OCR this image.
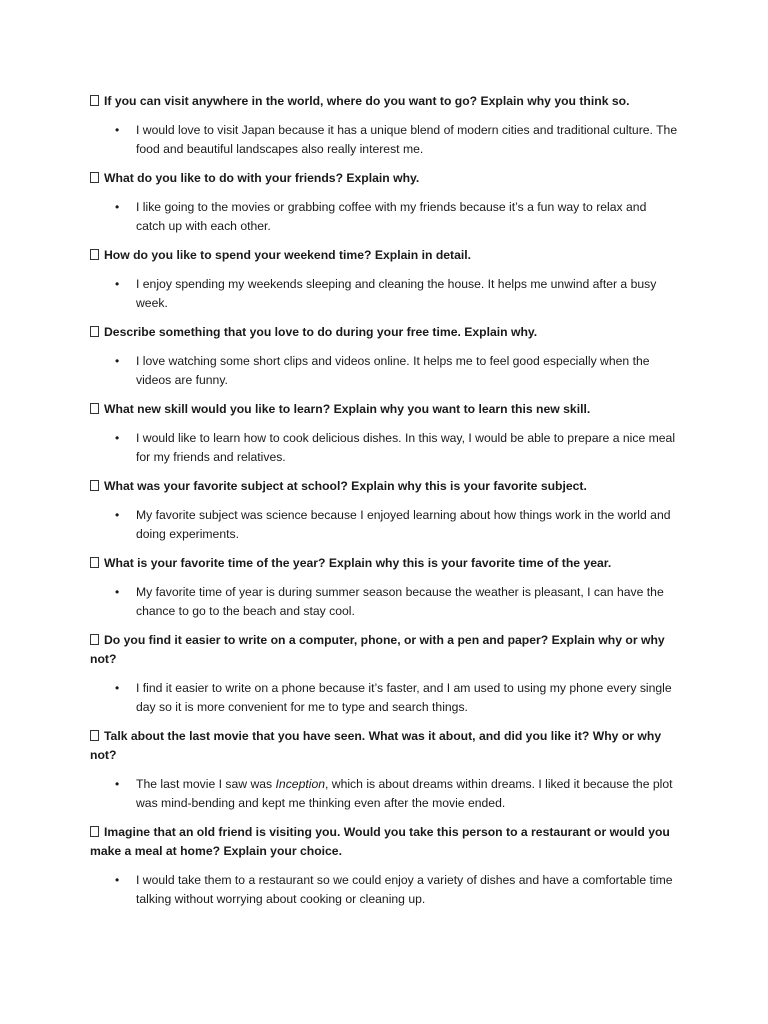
If you can visit anywhere in the world, where do you want to go? Explain why you think so.
• I would love to visit Japan because it has a unique blend of modern cities and traditional culture. The food and beautiful landscapes also really interest me.
What do you like to do with your friends? Explain why.
• I like going to the movies or grabbing coffee with my friends because it’s a fun way to relax and catch up with each other.
How do you like to spend your weekend time? Explain in detail.
• I enjoy spending my weekends sleeping and cleaning the house. It helps me unwind after a busy week.
Describe something that you love to do during your free time. Explain why.
• I love watching some short clips and videos online. It helps me to feel good especially when the videos are funny.
What new skill would you like to learn? Explain why you want to learn this new skill.
• I would like to learn how to cook delicious dishes. In this way, I would be able to prepare a nice meal for my friends and relatives.
What was your favorite subject at school? Explain why this is your favorite subject.
• My favorite subject was science because I enjoyed learning about how things work in the world and doing experiments.
What is your favorite time of the year? Explain why this is your favorite time of the year.
• My favorite time of year is during summer season because the weather is pleasant, I can have the chance to go to the beach and stay cool.
Do you find it easier to write on a computer, phone, or with a pen and paper? Explain why or why not?
• I find it easier to write on a phone because it’s faster, and I am used to using my phone every single day so it is more convenient for me to type and search things.
Talk about the last movie that you have seen. What was it about, and did you like it? Why or why not?
• The last movie I saw was Inception, which is about dreams within dreams. I liked it because the plot was mind-bending and kept me thinking even after the movie ended.
Imagine that an old friend is visiting you. Would you take this person to a restaurant or would you make a meal at home? Explain your choice.
• I would take them to a restaurant so we could enjoy a variety of dishes and have a comfortable time talking without worrying about cooking or cleaning up.
